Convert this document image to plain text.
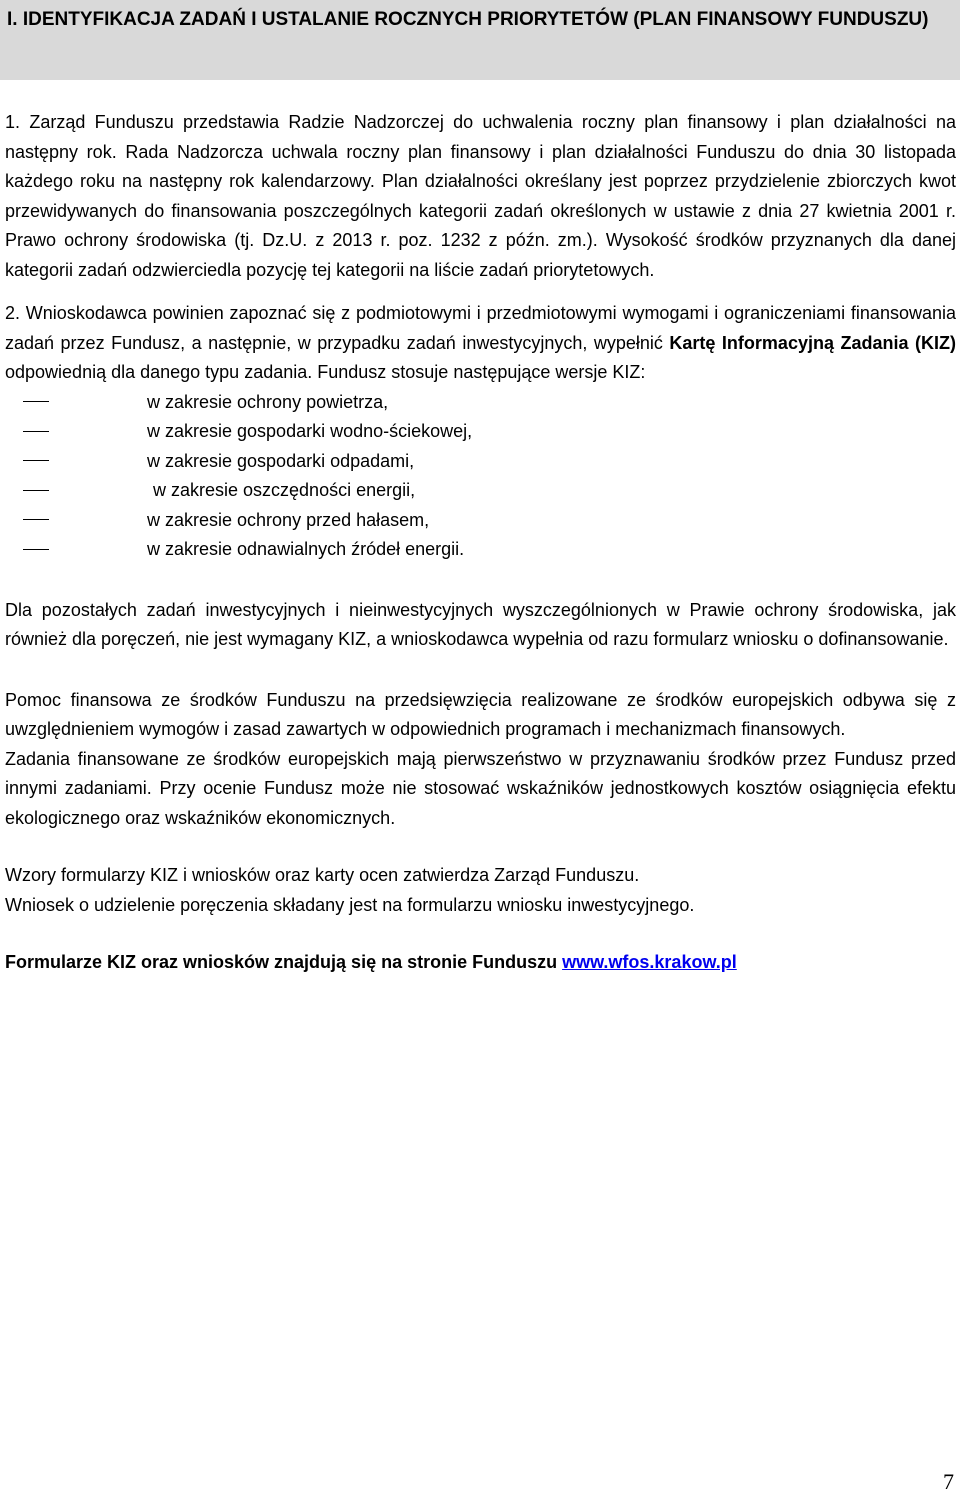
I. IDENTYFIKACJA ZADAŃ I USTALANIE ROCZNYCH PRIORYTETÓW (PLAN FINANSOWY FUNDUSZU)

1. Zarząd Funduszu przedstawia Radzie Nadzorczej do uchwalenia roczny plan finansowy i plan działalności na następny rok. Rada Nadzorcza uchwala roczny plan finansowy i plan działalności Funduszu do dnia 30 listopada każdego roku na następny rok kalendarzowy. Plan działalności określany jest poprzez przydzielenie zbiorczych kwot przewidywanych do finansowania poszczególnych kategorii zadań określonych w ustawie z dnia 27 kwietnia 2001 r. Prawo ochrony środowiska (tj. Dz.U. z 2013 r. poz. 1232 z późn. zm.). Wysokość środków przyznanych dla danej kategorii zadań odzwierciedla pozycję tej kategorii na liście zadań priorytetowych.

2. Wnioskodawca powinien zapoznać się z podmiotowymi i przedmiotowymi wymogami i ograniczeniami finansowania zadań przez Fundusz, a następnie, w przypadku zadań inwestycyjnych, wypełnić Kartę Informacyjną Zadania (KIZ) odpowiednią dla danego typu zadania. Fundusz stosuje następujące wersje KIZ:

w zakresie ochrony powietrza,
w zakresie gospodarki wodno-ściekowej,
w zakresie gospodarki odpadami,
w zakresie oszczędności energii,
w zakresie ochrony przed hałasem,
w zakresie odnawialnych źródeł energii.

Dla pozostałych zadań inwestycyjnych i nieinwestycyjnych wyszczególnionych w Prawie ochrony środowiska, jak również dla poręczeń, nie jest wymagany KIZ, a wnioskodawca wypełnia od razu formularz wniosku o dofinansowanie.

Pomoc finansowa ze środków Funduszu na przedsięwzięcia realizowane ze środków europejskich odbywa się z uwzględnieniem wymogów i zasad zawartych w odpowiednich programach i mechanizmach finansowych.

Zadania finansowane ze środków europejskich mają pierwszeństwo w przyznawaniu środków przez Fundusz przed innymi zadaniami. Przy ocenie Fundusz może nie stosować wskaźników jednostkowych kosztów osiągnięcia efektu ekologicznego oraz wskaźników ekonomicznych.

Wzory formularzy KIZ i wniosków oraz karty ocen zatwierdza Zarząd Funduszu.

Wniosek o udzielenie poręczenia składany jest na formularzu wniosku inwestycyjnego.

Formularze KIZ oraz wniosków znajdują się na stronie Funduszu www.wfos.krakow.pl

7
